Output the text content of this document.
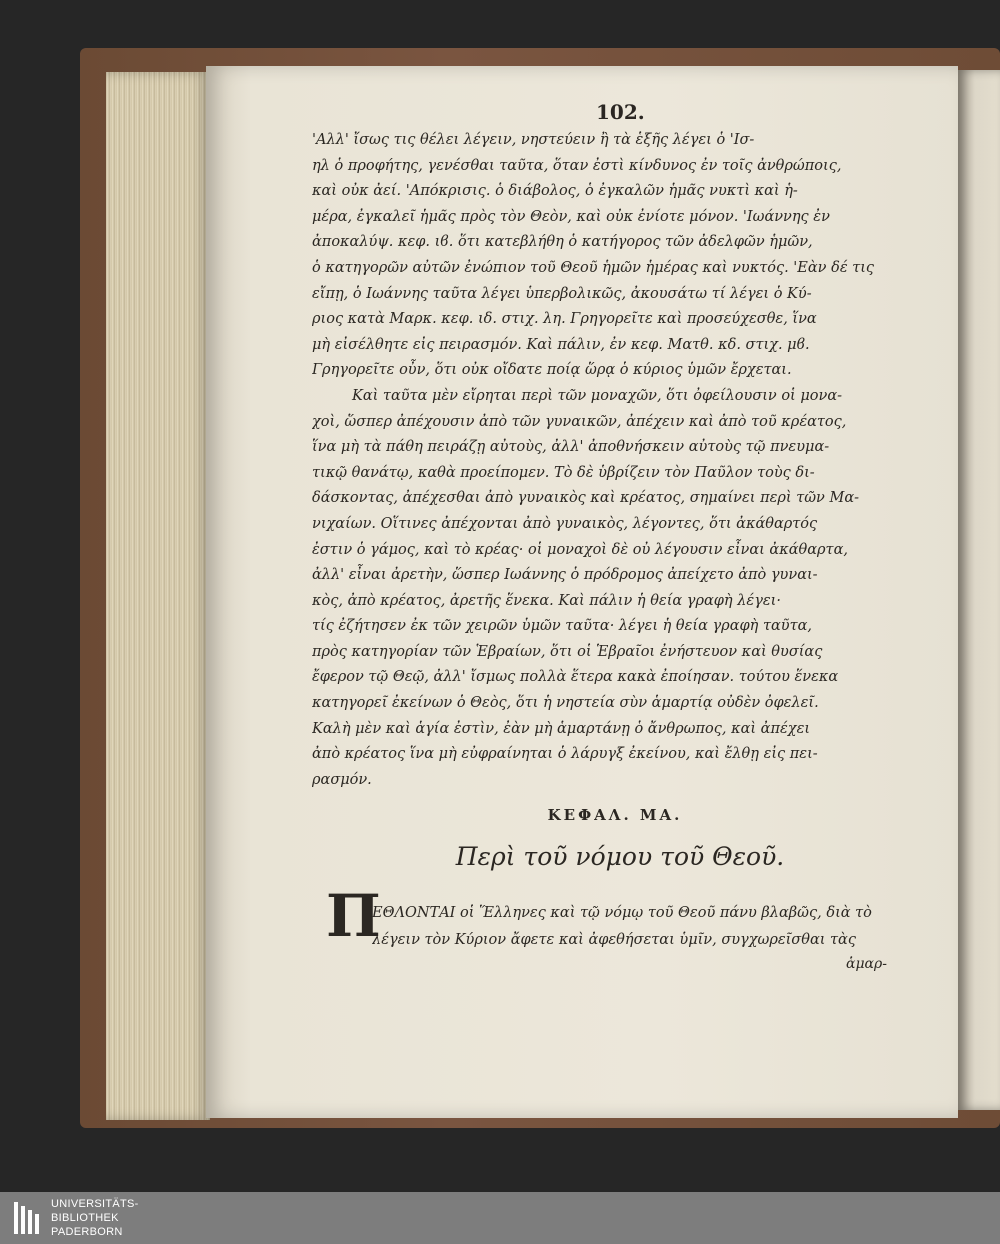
102.
'Αλλ' ἴσως τις θέλει λέγειν, νηστεύειν ἢ τὰ ἑξῆς λέγει ὁ 'Ισ-
ηλ ὁ προφήτης, γενέσθαι ταῦτα, ὅταν ἐστὶ κίνδυνος ἐν τοῖς ἀνθρώποις,
καὶ οὐκ ἀεί. 'Απόκρισις. ὁ διάβολος, ὁ ἐγκαλῶν ἡμᾶς νυκτὶ καὶ ἡ-
μέρα, ἐγκαλεῖ ἡμᾶς πρὸς τὸν Θεὸν, καὶ οὐκ ἐνίοτε μόνον. 'Ιωάννης ἐν
ἀποκαλύψ. κεφ. ιϐ. ὅτι κατεβλήθη ὁ κατήγορος τῶν ἀδελφῶν ἡμῶν,
ὁ κατηγορῶν αὐτῶν ἐνώπιον τοῦ Θεοῦ ἡμῶν ἡμέρας καὶ νυκτός. 'Εὰν δέ τις
εἴπῃ, ὁ Ιωάννης ταῦτα λέγει ὑπερβολικῶς, ἀκουσάτω τί λέγει ὁ Κύ-
ριος κατὰ Μαρκ. κεφ. ιδ. στιχ. λη. Γρηγορεῖτε καὶ προσεύχεσθε, ἵνα
μὴ εἰσέλθητε εἰς πειρασμόν. Καὶ πάλιν, ἐν κεφ. Ματθ. κδ. στιχ. μϐ.
Γρηγορεῖτε οὖν, ὅτι οὐκ οἴδατε ποίᾳ ὥρᾳ ὁ κύριος ὑμῶν ἔρχεται.
Καὶ ταῦτα μὲν εἴρηται περὶ τῶν μοναχῶν, ὅτι ὀφείλουσιν οἱ μονα-
χοὶ, ὥσπερ ἀπέχουσιν ἀπὸ τῶν γυναικῶν, ἀπέχειν καὶ ἀπὸ τοῦ κρέατος,
ἵνα μὴ τὰ πάθη πειράζῃ αὐτοὺς, ἀλλ' ἀποθνήσκειν αὐτοὺς τῷ πνευμα-
τικῷ θανάτῳ, καθὰ προείπομεν. Τὸ δὲ ὑβρίζειν τὸν Παῦλον τοὺς δι-
δάσκοντας, ἀπέχεσθαι ἀπὸ γυναικὸς καὶ κρέατος, σημαίνει περὶ τῶν Μα-
νιχαίων. Οἵτινες ἀπέχονται ἀπὸ γυναικὸς, λέγοντες, ὅτι ἀκάθαρτός
ἐστιν ὁ γάμος, καὶ τὸ κρέας· οἱ μοναχοὶ δὲ οὐ λέγουσιν εἶναι ἀκάθαρτα,
ἀλλ' εἶναι ἀρετὴν, ὥσπερ Ιωάννης ὁ πρόδρομος ἀπείχετο ἀπὸ γυναι-
κὸς, ἀπὸ κρέατος, ἀρετῆς ἕνεκα. Καὶ πάλιν ἡ θεία γραφὴ λέγει·
τίς ἐζήτησεν ἐκ τῶν χειρῶν ὑμῶν ταῦτα· λέγει ἡ θεία γραφὴ ταῦτα,
πρὸς κατηγορίαν τῶν Ἑβραίων, ὅτι οἱ Ἑβραῖοι ἐνήστευον καὶ θυσίας
ἔφερον τῷ Θεῷ, ἀλλ' ἴσμως πολλὰ ἕτερα κακὰ ἐποίησαν. τούτου ἕνεκα
κατηγορεῖ ἐκείνων ὁ Θεὸς, ὅτι ἡ νηστεία σὺν ἁμαρτίᾳ οὐδὲν ὀφελεῖ.
Καλὴ μὲν καὶ ἁγία ἐστὶν, ἐὰν μὴ ἁμαρτάνῃ ὁ ἄνθρωπος, καὶ ἀπέχει
ἀπὸ κρέατος ἵνα μὴ εὐφραίνηται ὁ λάρυγξ ἐκείνου, καὶ ἔλθῃ εἰς πει-
ρασμόν.
ΚΕΦΑΛ. ΜΑ.
Περὶ τοῦ νόμου τοῦ Θεοῦ.
Π
ΕΘΛΟΝΤΑΙ οἱ Ἕλληνες καὶ τῷ νόμῳ τοῦ Θεοῦ πάνυ βλαβῶς, διὰ τὸ
λέγειν τὸν Κύριον ἄφετε καὶ ἀφεθήσεται ὑμῖν, συγχωρεῖσθαι τὰς
ἁμαρ-
UNIVERSITÄTS-
BIBLIOTHEK
PADERBORN
